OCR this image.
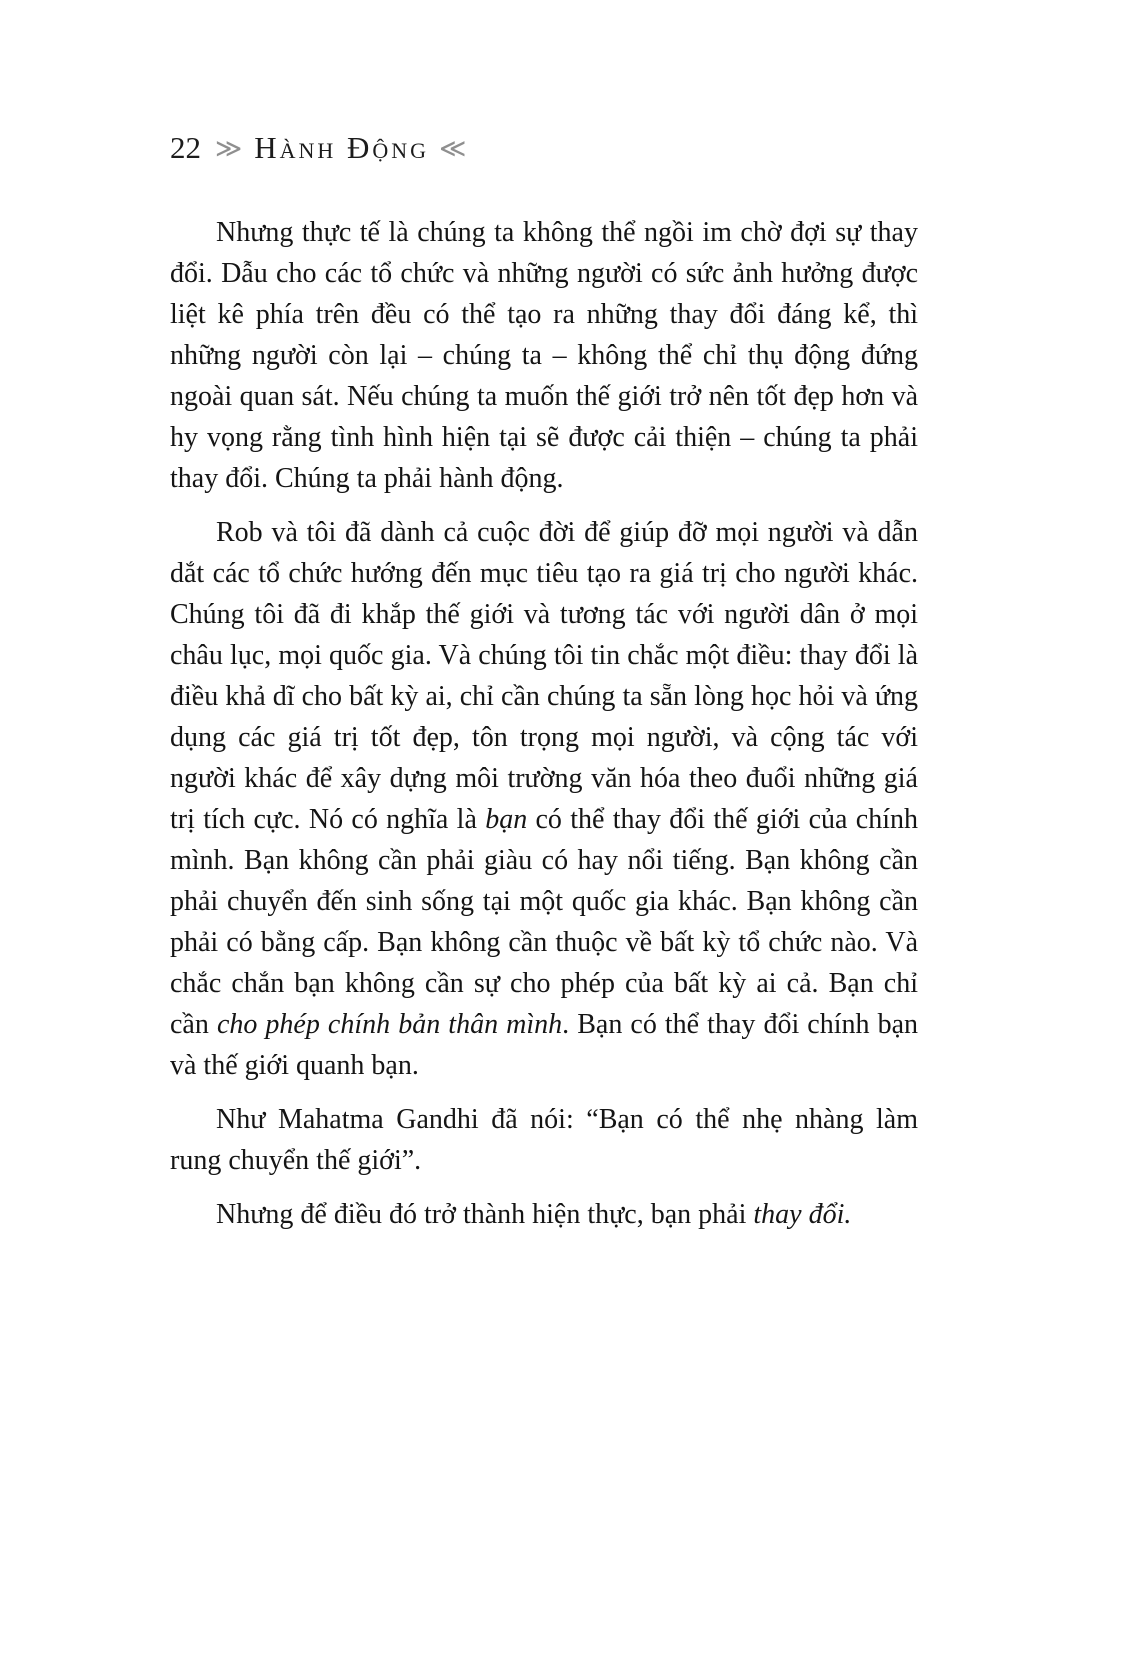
22 ≫ Hành Động ≪

Nhưng thực tế là chúng ta không thể ngồi im chờ đợi sự thay đổi. Dẫu cho các tổ chức và những người có sức ảnh hưởng được liệt kê phía trên đều có thể tạo ra những thay đổi đáng kể, thì những người còn lại – chúng ta – không thể chỉ thụ động đứng ngoài quan sát. Nếu chúng ta muốn thế giới trở nên tốt đẹp hơn và hy vọng rằng tình hình hiện tại sẽ được cải thiện – chúng ta phải thay đổi. Chúng ta phải hành động.

Rob và tôi đã dành cả cuộc đời để giúp đỡ mọi người và dẫn dắt các tổ chức hướng đến mục tiêu tạo ra giá trị cho người khác. Chúng tôi đã đi khắp thế giới và tương tác với người dân ở mọi châu lục, mọi quốc gia. Và chúng tôi tin chắc một điều: thay đổi là điều khả dĩ cho bất kỳ ai, chỉ cần chúng ta sẵn lòng học hỏi và ứng dụng các giá trị tốt đẹp, tôn trọng mọi người, và cộng tác với người khác để xây dựng môi trường văn hóa theo đuổi những giá trị tích cực. Nó có nghĩa là bạn có thể thay đổi thế giới của chính mình. Bạn không cần phải giàu có hay nổi tiếng. Bạn không cần phải chuyển đến sinh sống tại một quốc gia khác. Bạn không cần phải có bằng cấp. Bạn không cần thuộc về bất kỳ tổ chức nào. Và chắc chắn bạn không cần sự cho phép của bất kỳ ai cả. Bạn chỉ cần cho phép chính bản thân mình. Bạn có thể thay đổi chính bạn và thế giới quanh bạn.

Như Mahatma Gandhi đã nói: “Bạn có thể nhẹ nhàng làm rung chuyển thế giới”.

Nhưng để điều đó trở thành hiện thực, bạn phải thay đổi.
